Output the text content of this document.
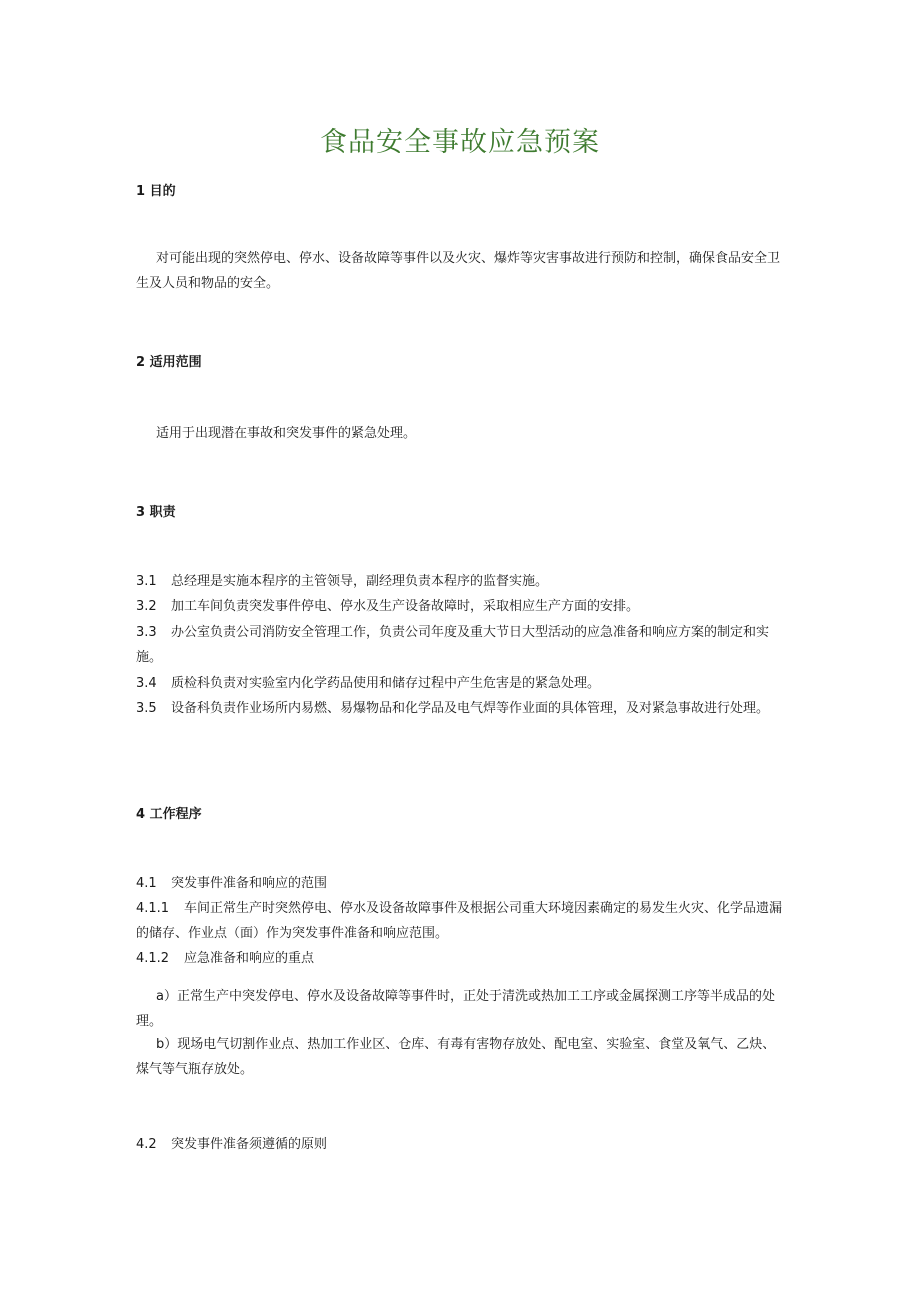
食品安全事故应急预案
1 目的
对可能出现的突然停电、停水、设备故障等事件以及火灾、爆炸等灾害事故进行预防和控制，确保食品安全卫生及人员和物品的安全。
2 适用范围
适用于出现潜在事故和突发事件的紧急处理。
3 职责
3.1 总经理是实施本程序的主管领导，副经理负责本程序的监督实施。
3.2 加工车间负责突发事件停电、停水及生产设备故障时，采取相应生产方面的安排。
3.3 办公室负责公司消防安全管理工作，负责公司年度及重大节日大型活动的应急准备和响应方案的制定和实施。
3.4 质检科负责对实验室内化学药品使用和储存过程中产生危害是的紧急处理。
3.5 设备科负责作业场所内易燃、易爆物品和化学品及电气焊等作业面的具体管理，及对紧急事故进行处理。
4 工作程序
4.1 突发事件准备和响应的范围
4.1.1 车间正常生产时突然停电、停水及设备故障事件及根据公司重大环境因素确定的易发生火灾、化学品遗漏的储存、作业点（面）作为突发事件准备和响应范围。
4.1.2 应急准备和响应的重点
a）正常生产中突发停电、停水及设备故障等事件时，正处于清洗或热加工工序或金属探测工序等半成品的处理。
b）现场电气切割作业点、热加工作业区、仓库、有毒有害物存放处、配电室、实验室、食堂及氧气、乙炔、煤气等气瓶存放处。
4.2 突发事件准备须遵循的原则
